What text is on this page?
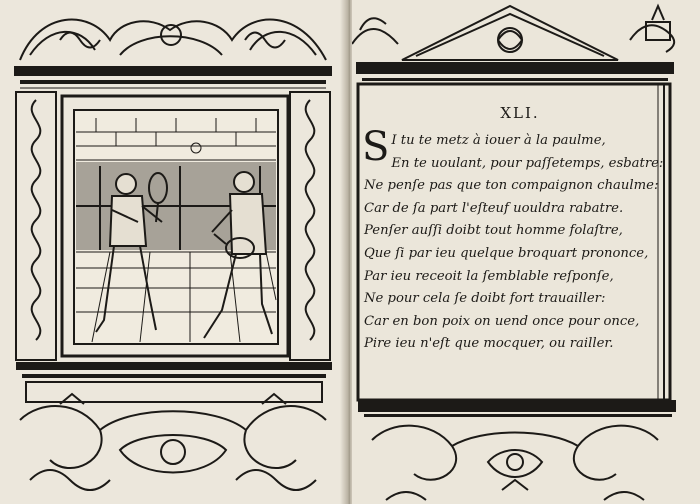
XLI.
S I tu te metz à iouer à la paulme,
En te uoulant, pour paſſetemps, esbatre:
Ne penſe pas que ton compaignon chaulme:
Car de ſa part l'eſteuf uouldra rabatre.
Penſer auſſi doibt tout homme folaſtre,
Que ſi par ieu quelque broquart prononce,
Par ieu receoit la ſemblable reſponſe,
Ne pour cela ſe doibt fort trauailler:
Car en bon poix on uend once pour once,
Pire ieu n'eſt que mocquer, ou railler.
